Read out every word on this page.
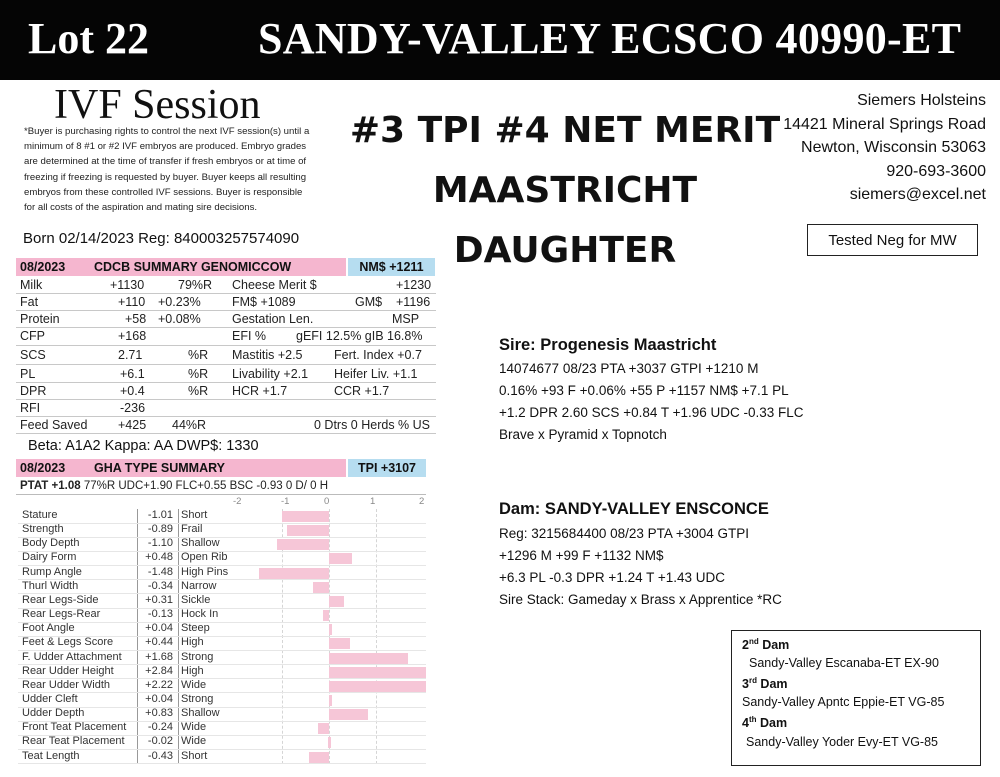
Lot 22 SANDY-VALLEY ECSCO 40990-ET
IVF Session
*Buyer is purchasing rights to control the next IVF session(s) until a minimum of 8 #1 or #2 IVF embryos are produced. Embryo grades are determined at the time of transfer if fresh embryos or at time of freezing if freezing is requested by buyer. Buyer keeps all resulting embryos from these controlled IVF sessions. Buyer is responsible for all costs of the aspiration and mating sire decisions.
Born 02/14/2023 Reg: 840003257574090
#3 TPI #4 NET MERIT
MAASTRICHT
DAUGHTER
Siemers Holsteins
14421 Mineral Springs Road
Newton, Wisconsin 53063
920-693-3600
siemers@excel.net
Tested Neg for MW
08/2023	CDCB SUMMARY GENOMICCOW	NM$ +1211
Milk	+1130	79%R Cheese Merit $	+1230
Fat	+110 +0.23%	FM$ +1089	GM$ +1196
Protein	+58 +0.08%	Gestation Len.	MSP
CFP	+168	EFI % gEFI 12.5% gIB 16.8%
SCS	2.71	%R Mastitis +2.5	Fert. Index +0.7
PL	+6.1	%R Livability +2.1 Heifer Liv. +1.1
DPR	+0.4	%R HCR +1.7	CCR +1.7
RFI	-236
Feed Saved +425 44%R	0 Dtrs 0 Herds % US
Beta: A1A2 Kappa: AA DWP$: 1330
08/2023	GHA TYPE SUMMARY	TPI +3107
PTAT +1.08 77%R UDC+1.90 FLC+0.55 BSC -0.93 0 D/ 0 H
-2	-1	0	1	2
Stature	-1.01 Short
Strength	-0.89 Frail
Body Depth	-1.10 Shallow
Dairy Form	+0.48 Open Rib
Rump Angle	-1.48 High Pins
Thurl Width	-0.34 Narrow
Rear Legs-Side	+0.31 Sickle
Rear Legs-Rear	-0.13 Hock In
Foot Angle	+0.04 Steep
Feet & Legs Score	+0.44 High
F. Udder Attachment	+1.68 Strong
Rear Udder Height	+2.84 High
Rear Udder Width	+2.22 Wide
Udder Cleft	+0.04 Strong
Udder Depth	+0.83 Shallow
Front Teat Placement	-0.24 Wide
Rear Teat Placement	-0.02 Wide
Teat Length	-0.43 Short
Sire: Progenesis Maastricht
14074677 08/23 PTA +3037 GTPI +1210 M
0.16% +93 F +0.06% +55 P +1157 NM$ +7.1 PL
+1.2 DPR 2.60 SCS +0.84 T +1.96 UDC -0.33 FLC
Brave x Pyramid x Topnotch
Dam: SANDY-VALLEY ENSCONCE
Reg: 3215684400 08/23 PTA +3004 GTPI
+1296 M +99 F +1132 NM$
+6.3 PL -0.3 DPR +1.24 T +1.43 UDC
Sire Stack: Gameday x Brass x Apprentice *RC
2nd Dam
Sandy-Valley Escanaba-ET EX-90
3rd Dam
Sandy-Valley Apntc Eppie-ET VG-85
4th Dam
Sandy-Valley Yoder Evy-ET VG-85
